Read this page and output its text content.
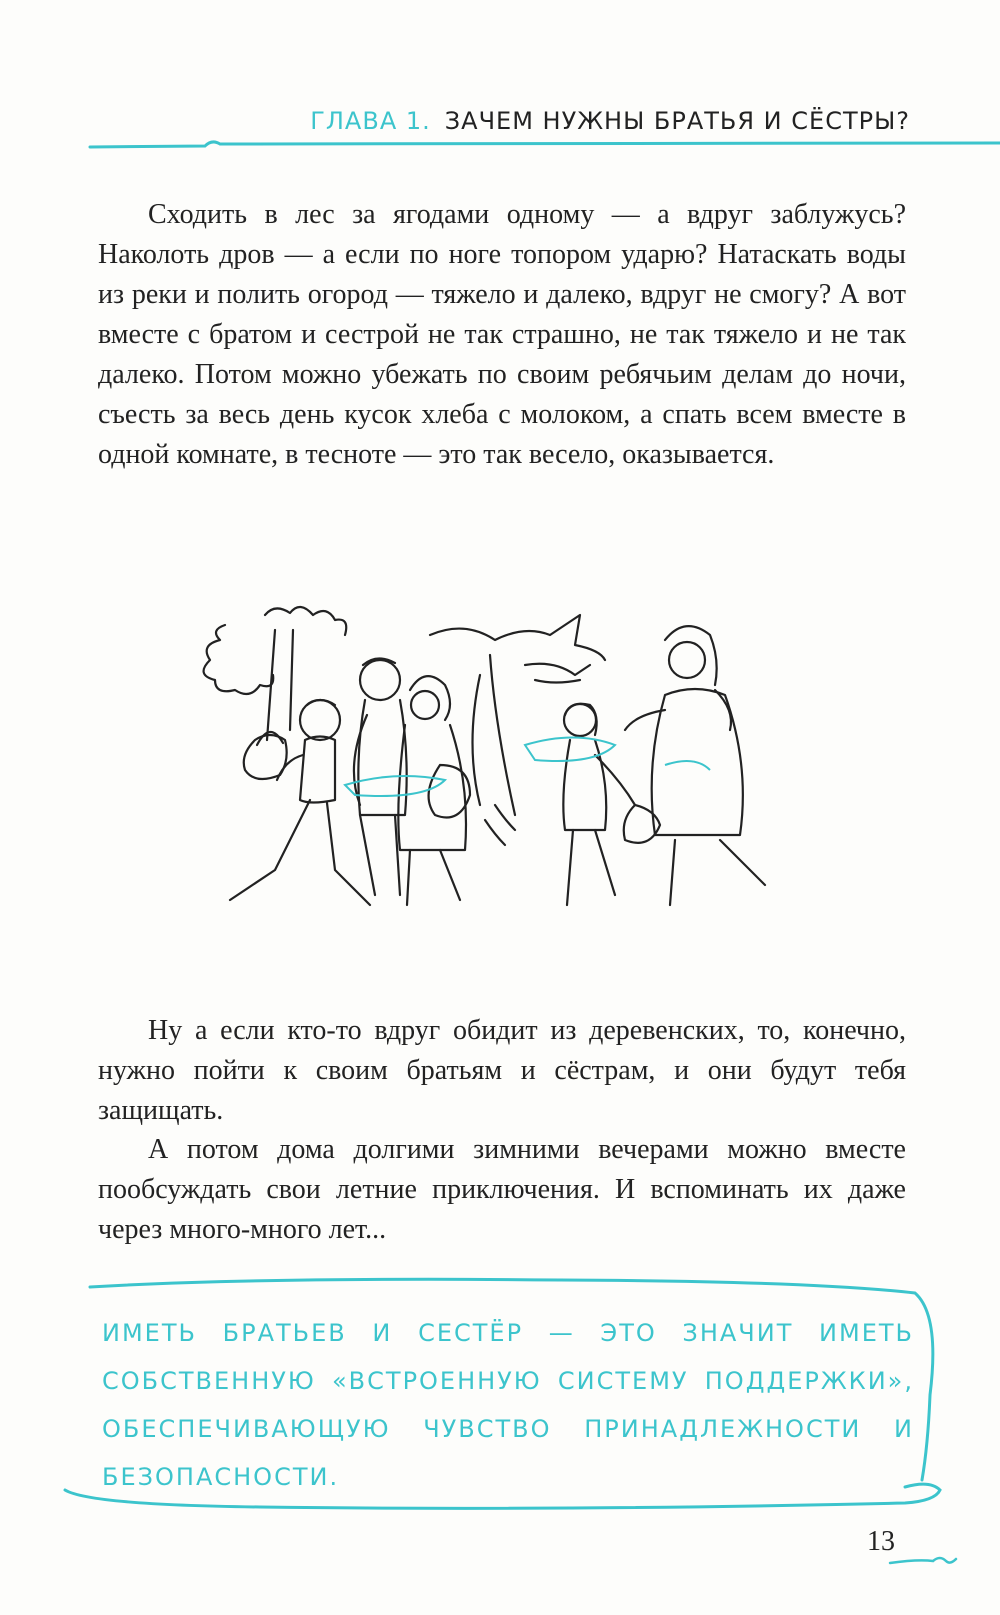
ГЛАВА 1. ЗАЧЕМ НУЖНЫ БРАТЬЯ И СЁСТРЫ?

Сходить в лес за ягодами одному — а вдруг заблужусь? Наколоть дров — а если по ноге топором ударю? Натаскать воды из реки и полить огород — тяжело и далеко, вдруг не смогу? А вот вместе с братом и сестрой не так страшно, не так тяжело и не так далеко. Потом можно убежать по своим ребячьим делам до ночи, съесть за весь день кусок хлеба с молоком, а спать всем вместе в одной комнате, в тесноте — это так весело, оказывается.

Ну а если кто-то вдруг обидит из деревенских, то, конечно, нужно пойти к своим братьям и сёстрам, и они будут тебя защищать.

А потом дома долгими зимними вечерами можно вместе пообсуждать свои летние приключения. И вспоминать их даже через много-много лет...

ИМЕТЬ БРАТЬЕВ И СЕСТЁР — ЭТО ЗНАЧИТ ИМЕТЬ СОБСТВЕННУЮ «ВСТРОЕННУЮ СИСТЕМУ ПОДДЕРЖКИ», ОБЕСПЕЧИВАЮЩУЮ ЧУВСТВО ПРИНАДЛЕЖНОСТИ И БЕЗОПАСНОСТИ.

13
